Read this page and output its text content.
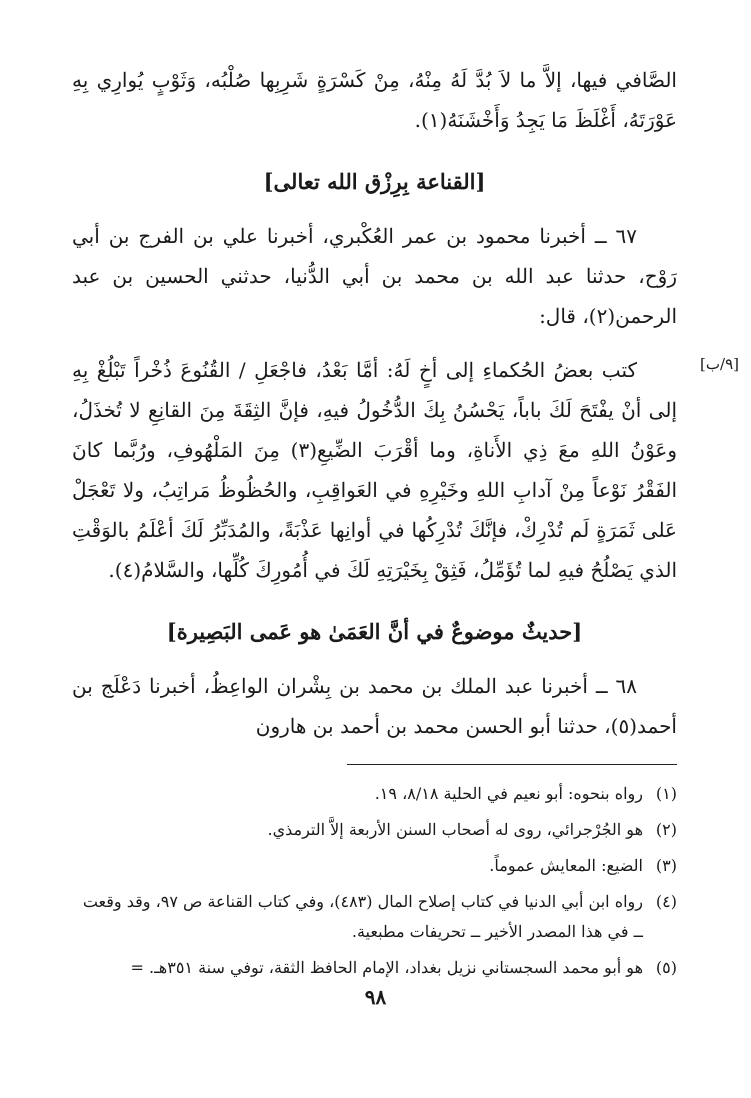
الصَّافي فيها، إلاَّ ما لاَ بُدَّ لَهُ مِنْهُ، مِنْ كَسْرَةٍ شَرِبِها صُلْبُه، وَثَوْبٍ يُوارِي بِهِ عَوْرَتَهُ، أَغْلَظَ مَا يَجِدُ وَأَخْشَنَهُ(١).

[القناعة بِرِزْق الله تعالى]

٦٧ ــ أخبرنا محمود بن عمر العُكْبري، أخبرنا علي بن الفرج بن أبي رَوْح، حدثنا عبد الله بن محمد بن أبي الدُّنيا، حدثني الحسين بن عبد الرحمن(٢)، قال:

[٩/ب]

كتب بعضُ الحُكماءِ إلى أخٍ لَهُ: أمَّا بَعْدُ، فاجْعَلِ / القُنُوعَ ذُخْراً تَبْلُغْ بِهِ إلى أنْ يفْتَحَ لَكَ باباً، يَحْسُنُ بِكَ الدُّخُولُ فيهِ، فإنَّ الثِقَةَ مِنَ القانِعِ لا تُخذَلُ، وعَوْنُ اللهِ معَ ذِي الأَناةِ، وما أقْرَبَ الضِّيعِ(٣) مِنَ المَلْهُوفِ، ورُبَّما كانَ الفَقْرُ نَوْعاً مِنْ آدابِ اللهِ وخَيْرِهِ في العَواقِبِ، والحُظُوظُ مَراتِبُ، ولا تَعْجَلْ عَلى ثَمَرَةٍ لَم تُدْرِكْ، فإنَّكَ تُدْرِكُها في أوانِها عَذْبَةً، والمُدَبِّرُ لَكَ أعْلَمُ بالوَقْتِ الذي يَصْلُحُ فيهِ لما تُؤَمِّلُ، فَثِقْ بِخَيْرَتِهِ لَكَ في أُمُورِكَ كُلِّها، والسَّلامُ(٤).

[حديثٌ موضوعٌ في أنَّ العَمَىٰ هو عَمى البَصِيرة]

٦٨ ــ أخبرنا عبد الملك بن محمد بن بِشْران الواعِظُ، أخبرنا دَعْلَج بن أحمد(٥)، حدثنا أبو الحسن محمد بن أحمد بن هارون

(١)
رواه بنحوه: أبو نعيم في الحلية ٨/١٨، ١٩.
(٢)
هو الجُرْجرائي، روى له أصحاب السنن الأربعة إلاَّ الترمذي.
(٣)
الضيع: المعايش عموماً.
(٤)
رواه ابن أبي الدنيا في كتاب إصلاح المال (٤٨٣)، وفي كتاب القناعة ص ٩٧، وقد وقعت ــ في هذا المصدر الأخير ــ تحريفات مطبعية.
(٥)
هو أبو محمد السجستاني نزيل بغداد، الإمام الحافظ الثقة، توفي سنة ٣٥١هـ. =
٩٨
